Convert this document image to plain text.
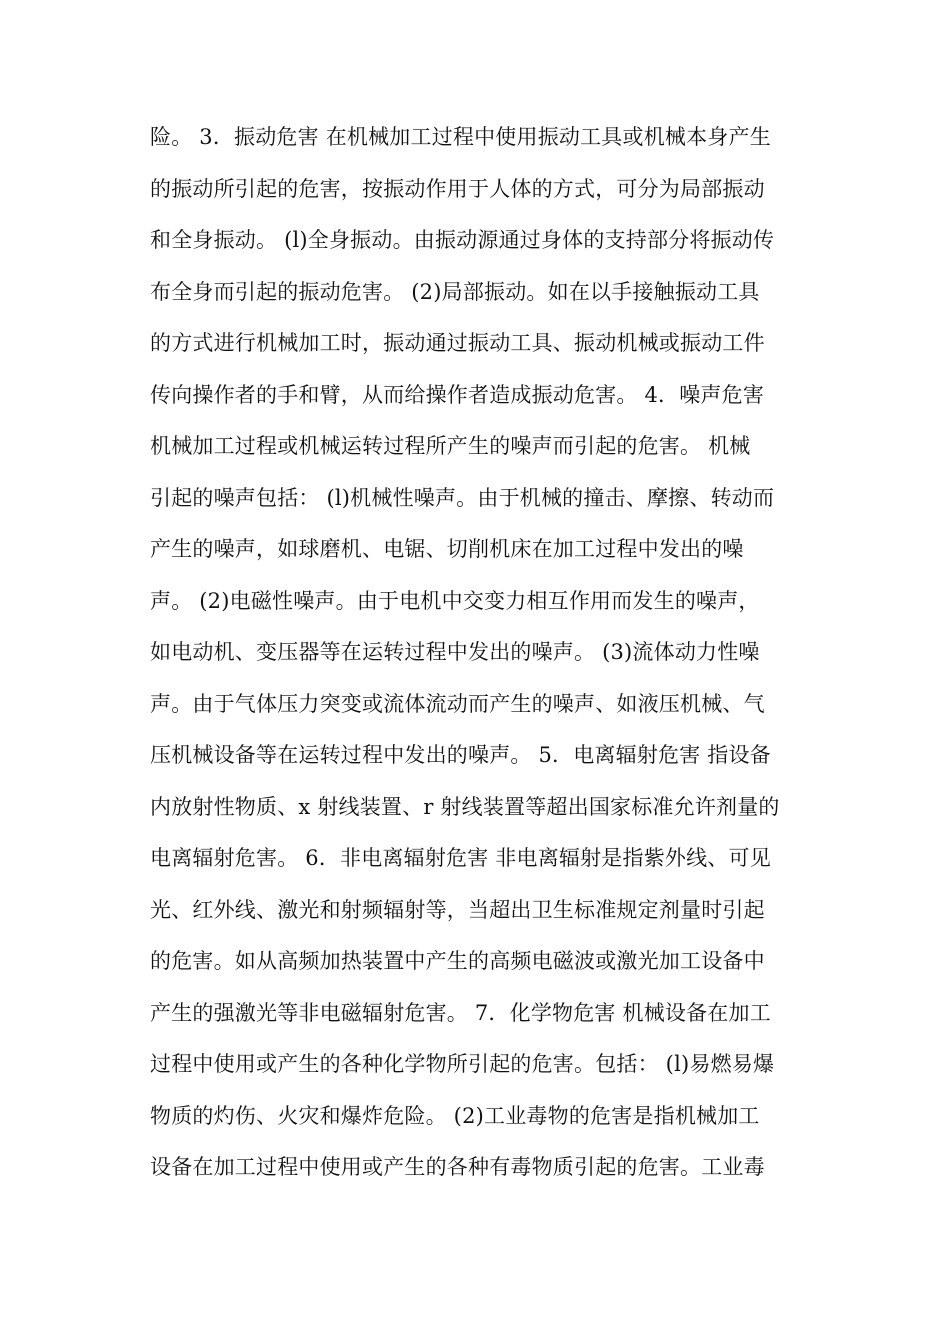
险。 3．振动危害 在机械加工过程中使用振动工具或机械本身产生
的振动所引起的危害，按振动作用于人体的方式，可分为局部振动
和全身振动。 (l)全身振动。由振动源通过身体的支持部分将振动传
布全身而引起的振动危害。 (2)局部振动。如在以手接触振动工具
的方式进行机械加工时，振动通过振动工具、振动机械或振动工件
传向操作者的手和臂，从而给操作者造成振动危害。 4．噪声危害
机械加工过程或机械运转过程所产生的噪声而引起的危害。 机械
引起的噪声包括： (l)机械性噪声。由于机械的撞击、摩擦、转动而
产生的噪声，如球磨机、电锯、切削机床在加工过程中发出的噪
声。 (2)电磁性噪声。由于电机中交变力相互作用而发生的噪声，
如电动机、变压器等在运转过程中发出的噪声。 (3)流体动力性噪
声。由于气体压力突变或流体流动而产生的噪声、如液压机械、气
压机械设备等在运转过程中发出的噪声。 5．电离辐射危害 指设备
内放射性物质、x 射线装置、r 射线装置等超出国家标准允许剂量的
电离辐射危害。 6．非电离辐射危害 非电离辐射是指紫外线、可见
光、红外线、激光和射频辐射等，当超出卫生标准规定剂量时引起
的危害。如从高频加热装置中产生的高频电磁波或激光加工设备中
产生的强激光等非电磁辐射危害。 7．化学物危害 机械设备在加工
过程中使用或产生的各种化学物所引起的危害。包括： (l)易燃易爆
物质的灼伤、火灾和爆炸危险。 (2)工业毒物的危害是指机械加工
设备在加工过程中使用或产生的各种有毒物质引起的危害。工业毒
